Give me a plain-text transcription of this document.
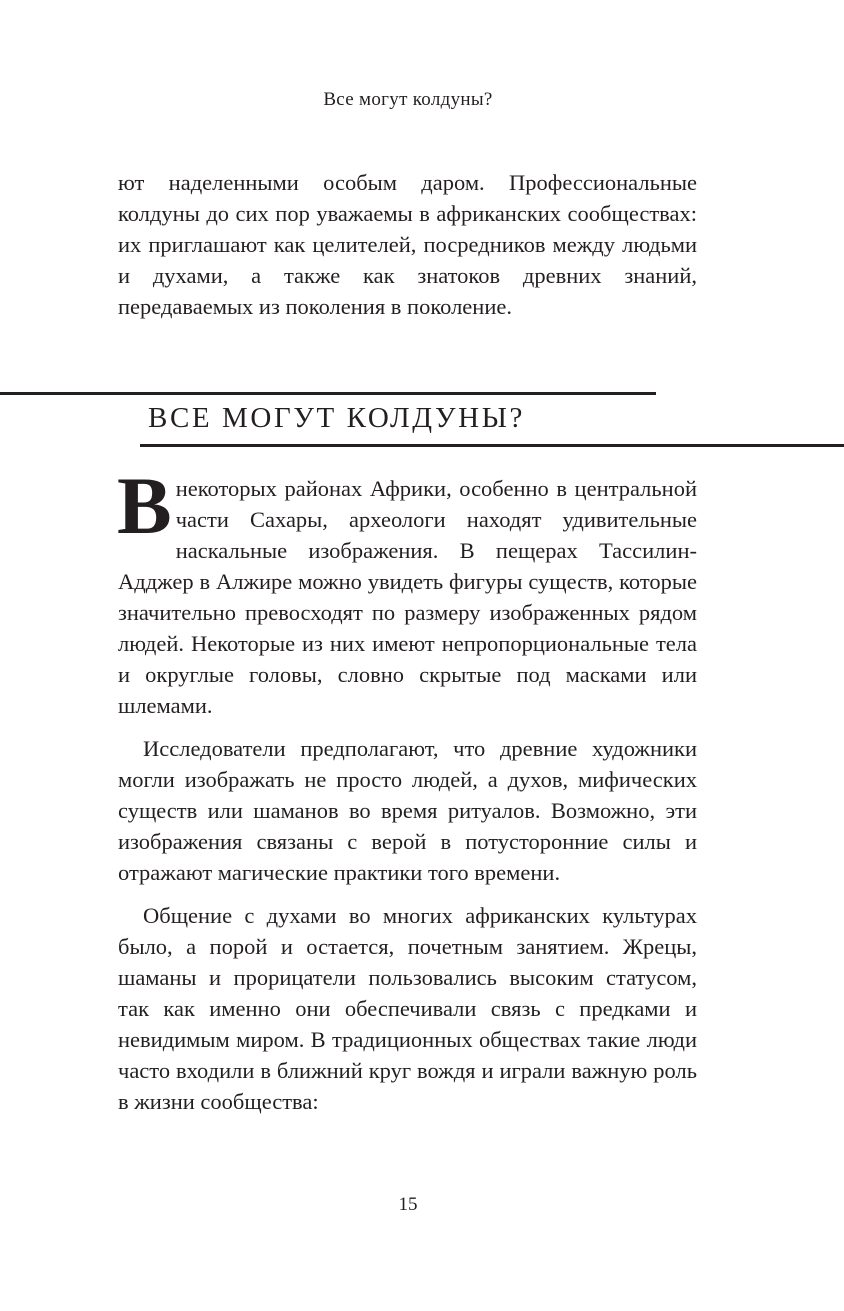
Все могут колдуны?

ют наделенными особым даром. Профессиональные колдуны до сих пор уважаемы в африканских сообществах: их приглашают как целителей, посредников между людьми и духами, а также как знатоков древних знаний, передаваемых из поколения в поколение.

ВСЕ МОГУТ КОЛДУНЫ?

В некоторых районах Африки, особенно в центральной части Сахары, археологи находят удивительные наскальные изображения. В пещерах Тассилин-Адджер в Алжире можно увидеть фигуры существ, которые значительно превосходят по размеру изображенных рядом людей. Некоторые из них имеют непропорциональные тела и округлые головы, словно скрытые под масками или шлемами.

Исследователи предполагают, что древние художники могли изображать не просто людей, а духов, мифических существ или шаманов во время ритуалов. Возможно, эти изображения связаны с верой в потусторонние силы и отражают магические практики того времени.

Общение с духами во многих африканских культурах было, а порой и остается, почетным занятием. Жрецы, шаманы и прорицатели пользовались высоким статусом, так как именно они обеспечивали связь с предками и невидимым миром. В традиционных обществах такие люди часто входили в ближний круг вождя и играли важную роль в жизни сообщества:

15
